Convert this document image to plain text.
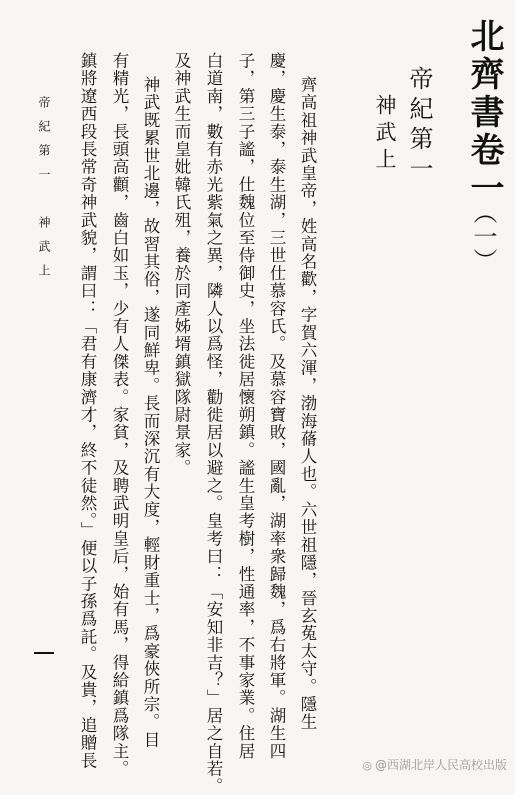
北齊書卷一
（一）
帝紀第一
神武上
齊高祖神武皇帝，姓高名歡，字賀六渾，渤海蓨人也。六世祖隱，晉玄菟太守。隱生
慶，慶生泰，泰生湖，三世仕慕容氏。及慕容寶敗，國亂，湖率衆歸魏，爲右將軍。湖生四
子，第三子謐，仕魏位至侍御史，坐法徙居懷朔鎮。謐生皇考樹，性通率，不事家業。住居
白道南，數有赤光紫氣之異，隣人以爲怪，勸徙居以避之。皇考曰：「安知非吉？」居之自若。
及神武生而皇妣韓氏殂，養於同產姊壻鎮獄隊尉景家。
神武既累世北邊，故習其俗，遂同鮮卑。長而深沉有大度，輕財重士，爲豪俠所宗。目
有精光，長頭高顴，齒白如玉，少有人傑表。家貧，及聘武明皇后，始有馬，得給鎮爲隊主。
鎮將遼西段長常奇神武貌，謂曰：「君有康濟才，終不徒然。」便以子孫爲託。及貴，追贈長
帝紀第一　神武上
◎ @西湖北岸人民高校出版
